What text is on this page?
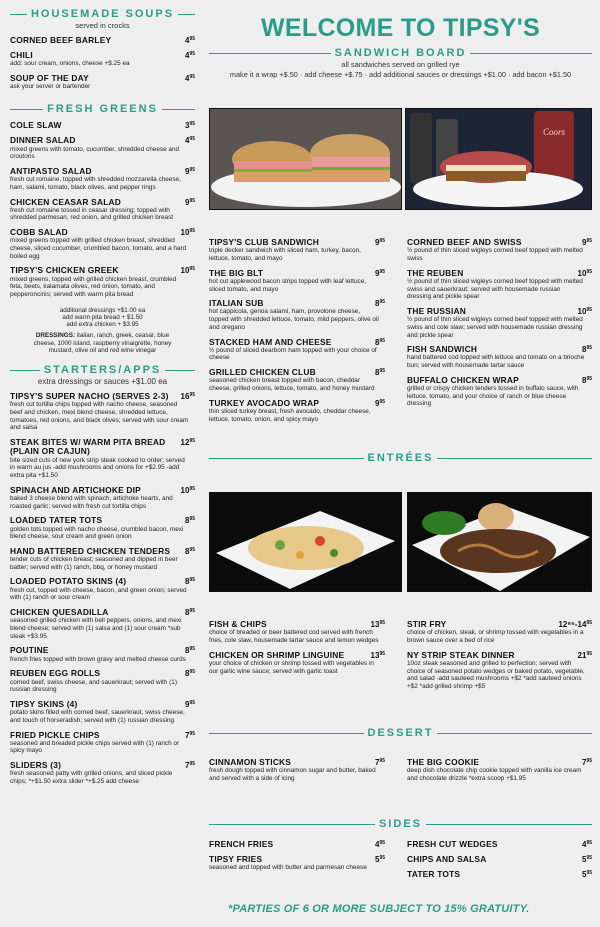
HOUSEMADE SOUPS
served in crocks
CORNED BEEF BARLEY	$4^{95}$
CHILI	$4^{95}$
add: sour cream, onions, cheese +$.25 ea
SOUP OF THE DAY	$4^{95}$
ask your server or bartender
FRESH GREENS
COLE SLAW	$3^{95}$
DINNER SALAD	$4^{95}$
mixed greens with tomato, cucumber, shredded cheese and croutons
ANTIPASTO SALAD	$9^{95}$
fresh cut romaine, topped with shredded mozzarella cheese, ham, salami, tomato, black olives, and pepper rings
CHICKEN CEASAR SALAD	$9^{95}$
fresh cut romaine tossed in ceasar dressing; topped with shredded parmesan, red onion, and grilled chicken breast
COBB SALAD	$10^{95}$
mixed greens topped with grilled chicken breast, shredded cheese, sliced cucumber, crumbled bacon, tomato, and a hard boiled egg
TIPSY'S CHICKEN GREEK	$10^{95}$
mixed greens, topped with grilled chicken breast, crumbled feta, beets, kalamata olives, red onion, tomato, and pepperoncinis; served with warm pita bread
additional dressings +$1.00 ea
add warm pita bread + $1.50
add extra chicken + $3.95
DRESSINGS: italian, ranch, greek, ceasar, blue cheese, 1000 island, raspberry vinaigrette, honey mustard, olive oil and red wine vinegar
STARTERS/APPS
extra dressings or sauces +$1.00 ea
TIPSY'S SUPER NACHO (SERVES 2-3)	$16^{95}$
fresh cut tortilla chips topped with nacho cheese, seasoned beef and chicken, mexi blend cheese, shredded lettuce, tomatoes, red onions, and black olives; served with sour cream and salsa
STEAK BITES W/ WARM PITA BREAD (PLAIN OR CAJUN)
$12^{95}$
bite sized cuts of new york strip steak cooked to order; served in warm au jus -add mushrooms and onions for +$2.95 -add extra pita +$1.50
SPINACH AND ARTICHOKE DIP	$10^{95}$
baked 3 cheese blend with spinach, artichoke hearts, and roasted garlic; served with fresh cut tortilla chips
LOADED TATER TOTS	$8^{95}$
golden tots topped with nacho cheese, crumbled bacon, mexi blend cheese, sour cream and green onion
HAND BATTERED CHICKEN TENDERS	$8^{95}$
tender cuts of chicken breast; seasoned and dipped in beer batter; served with (1) ranch, bbq, or honey mustard
LOADED POTATO SKINS (4)	$8^{95}$
fresh cut, topped with cheese, bacon, and green onion; served with (1) ranch or sour cream
CHICKEN QUESADILLA	$8^{95}$
seasoned grilled chicken with bell peppers, onions, and mexi blend cheese; served with (1) salsa and (1) sour cream *sub steak +$3.95
POUTINE	$8^{95}$
french fries topped with brown gravy and melted cheese curds
REUBEN EGG ROLLS	$8^{95}$
corned beef, swiss cheese, and sauerkraut; served with (1) russian dressing
TIPSY SKINS (4)	$9^{95}$
potato skins filled with corned beef, sauerkraut, swiss cheese, and touch of horseradish; served with (1) russian dressing
FRIED PICKLE CHIPS	$7^{95}$
seasoned and breaded pickle chips served with (1) ranch or spicy mayo
SLIDERS (3)	$7^{95}$
fresh seasoned patty with grilled onions, and sliced pickle chips; *+$1.50 extra slider *+$.25 add cheese
WELCOME TO TIPSY'S
SANDWICH BOARD
all sandwiches served on grilled rye
make it a wrap +$.50 · add cheese +$.75 · add additional sauces or dressings +$1.00 · add bacon +$1.50
Coors
TIPSY'S CLUB SANDWICH	$9^{95}$
triple decker sandwich with sliced ham, turkey, bacon, lettuce, tomato, and mayo
THE BIG BLT	$9^{95}$
hot cut applewood bacon strips topped with leaf lettuce, sliced tomato, and mayo
ITALIAN SUB	$8^{95}$
hot cappicola, genoa salami, ham, provolone cheese, topped with shredded lettuce, tomato, mild peppers, olive oil and oregano
STACKED HAM AND CHEESE	$8^{95}$
½ pound of sliced dearborn ham topped with your choice of cheese
GRILLED CHICKEN CLUB	$8^{95}$
seasoned chicken breast topped with bacon, cheddar cheese, grilled onions, lettuce, tomato, and honey mustard
TURKEY AVOCADO WRAP	$9^{95}$
thin sliced turkey breast, fresh avocado, cheddar cheese, lettuce, tomato, onion, and spicy mayo
CORNED BEEF AND SWISS	$9^{95}$
½ pound of thin sliced wigleys corned beef topped with melted swiss
THE REUBEN	$10^{95}$
½ pound of thin sliced wigleys corned beef topped with melted swiss and sauerkraut; served with housemade russian dressing and pickle spear
THE RUSSIAN	$10^{95}$
½ pound of thin sliced wigleys corned beef topped with melted swiss and cole slaw; served with housemade russian dressing and pickle spear
FISH SANDWICH	$8^{95}$
hand battered cod topped with lettuce and tomato on a brioche bun; served with housemade tartar sauce
BUFFALO CHICKEN WRAP	$8^{95}$
grilled or crispy chicken tenders tossed in buffalo sauce, with lettuce, tomato, and your choice of ranch or blue cheese dressing
ENTRÉES
FISH & CHIPS	$13^{95}$
choice of breaded or beer battered cod served with french fries, cole slaw, housemade tartar sauce and lemon wedges
CHICKEN OR SHRIMP LINGUINE	$13^{95}$
your choice of chicken or shrimp tossed with vegetables in our garlic wine sauce; served with garlic toast
STIR FRY	$12^{95}-14^{95}$
choice of chicken, steak, or shrimp tossed with vegetables in a brown sauce over a bed of rice
NY STRIP STEAK DINNER	$21^{95}$
10oz steak seasoned and grilled to perfection; served with choice of seasoned potato wedges or baked potato, vegetable, and salad -add sauteed mushrooms +$2 *add sauteed onions +$2 *add grilled shrimp +$5
DESSERT
CINNAMON STICKS	$7^{95}$
fresh dough topped with cinnamon sugar and butter, baked and served with a side of icing
THE BIG COOKIE	$7^{95}$
deep dish chocolate chip cookie topped with vanilla ice cream and chocolate drizzle *extra scoop +$1.95
SIDES
FRENCH FRIES	$4^{95}$
TIPSY FRIES	$5^{95}$
seasoned and topped with butter and parmesan cheese
FRESH CUT WEDGES	$4^{95}$
CHIPS AND SALSA	$5^{95}$
TATER TOTS	$5^{95}$
*PARTIES OF 6 OR MORE SUBJECT TO 15% GRATUITY.
